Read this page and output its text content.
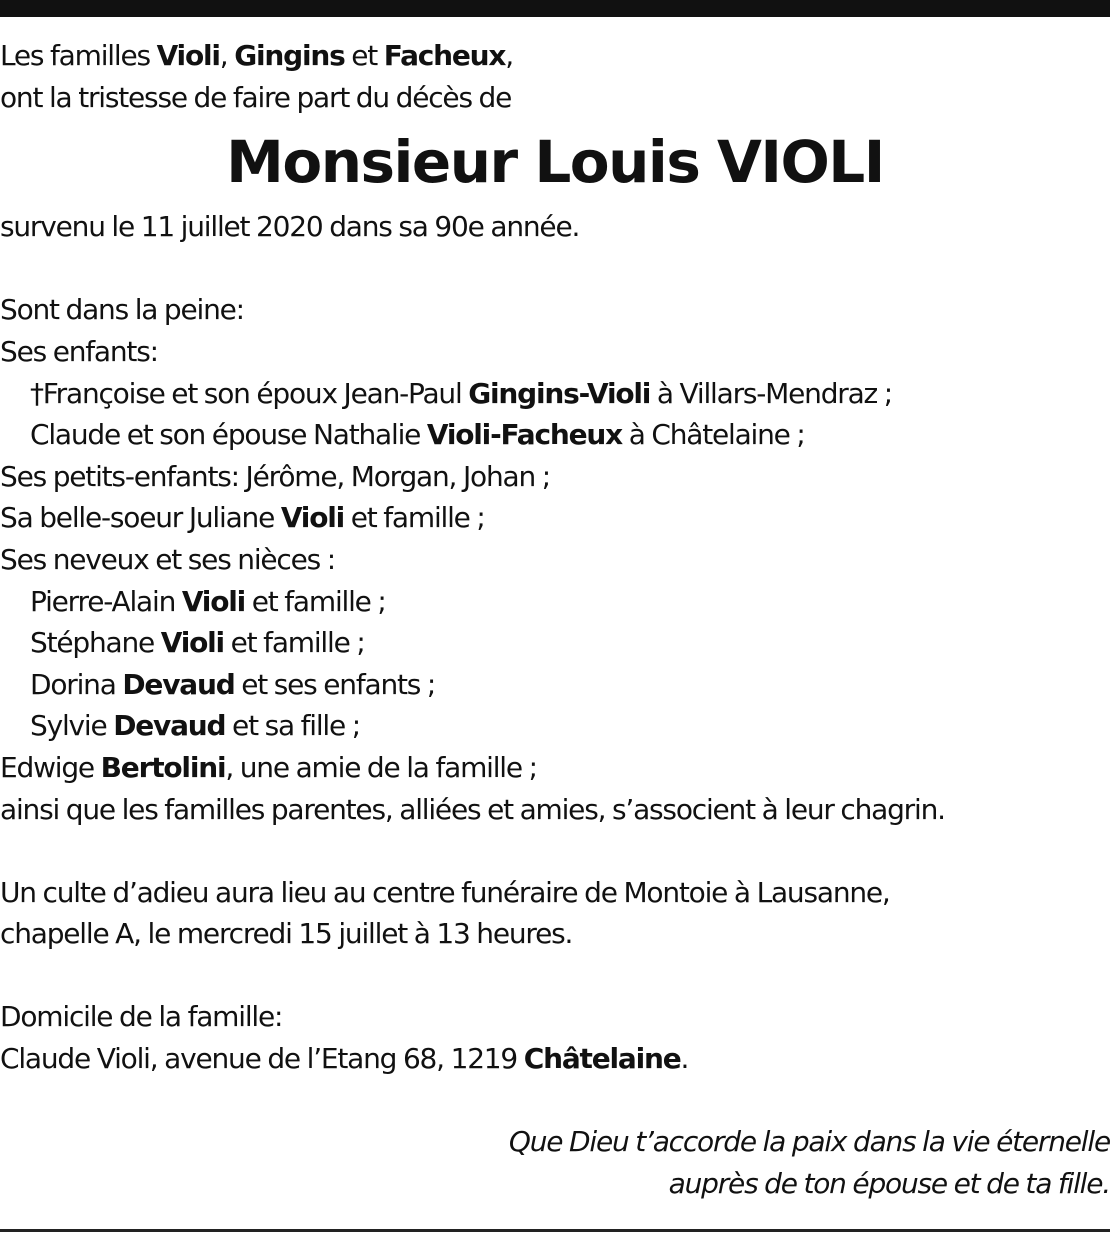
Les familles Violi, Gingins et Facheux,
ont la tristesse de faire part du décès de
Monsieur Louis VIOLI
survenu le 11 juillet 2020 dans sa 90e année.
Sont dans la peine:
Ses enfants:
†Françoise et son époux Jean-Paul Gingins-Violi à Villars-Mendraz ;
Claude et son épouse Nathalie Violi-Facheux à Châtelaine ;
Ses petits-enfants: Jérôme, Morgan, Johan ;
Sa belle-soeur Juliane Violi et famille ;
Ses neveux et ses nièces :
Pierre-Alain Violi et famille ;
Stéphane Violi et famille ;
Dorina Devaud et ses enfants ;
Sylvie Devaud et sa fille ;
Edwige Bertolini, une amie de la famille ;
ainsi que les familles parentes, alliées et amies, s’associent à leur chagrin.
Un culte d’adieu aura lieu au centre funéraire de Montoie à Lausanne,
chapelle A, le mercredi 15 juillet à 13 heures.
Domicile de la famille:
Claude Violi, avenue de l’Etang 68, 1219 Châtelaine.
Que Dieu t’accorde la paix dans la vie éternelle
auprès de ton épouse et de ta fille.
